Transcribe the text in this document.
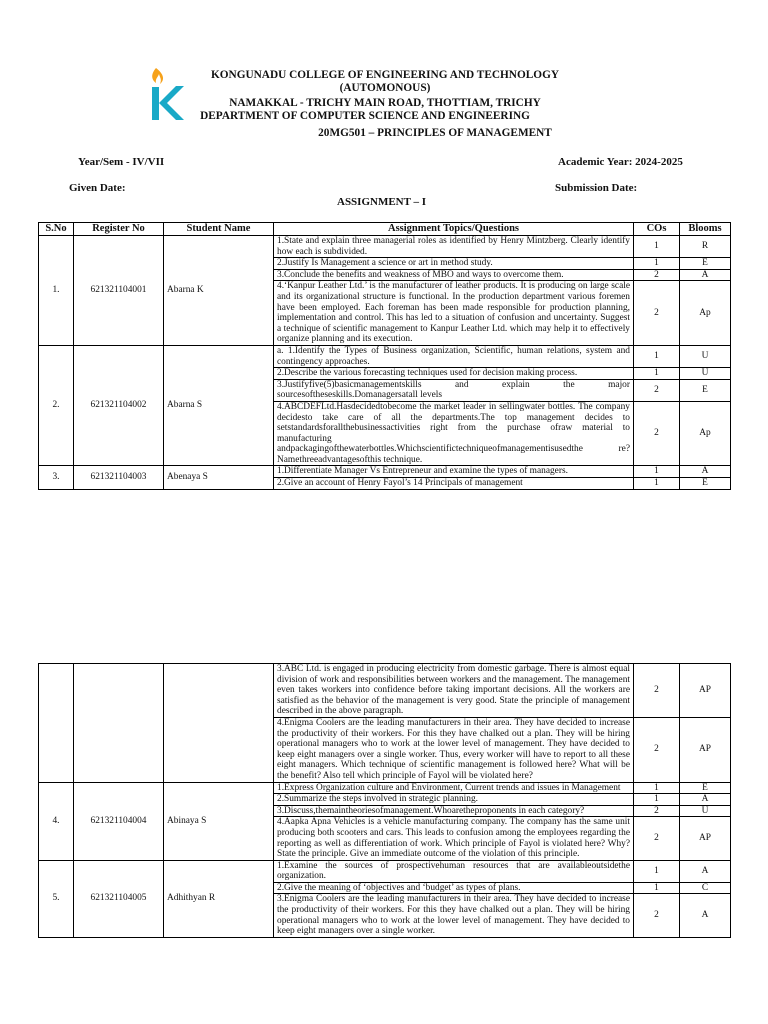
KONGUNADU COLLEGE OF ENGINEERING AND TECHNOLOGY
(AUTOMONOUS)
NAMAKKAL - TRICHY MAIN ROAD, THOTTIAM, TRICHY
DEPARTMENT OF COMPUTER SCIENCE AND ENGINEERING
20MG501 – PRINCIPLES OF MANAGEMENT
Year/Sem - IV/VII	Academic Year: 2024-2025
Given Date:	Submission Date:
ASSIGNMENT – I
S.No	Register No	Student Name	Assignment Topics/Questions	COs	Blooms
1.	621321104001	Abarna K	1.State and explain three managerial roles as identified by Henry Mintzberg. Clearly identify how each is subdivided.	1	R
			2.Justify Is Management a science or art in method study.	1	E
			3.Conclude the benefits and weakness of MBO and ways to overcome them.	2	A
			4.‘Kanpur Leather Ltd.’ is the manufacturer of leather products. It is producing on large scale and its organizational structure is functional. In the production department various foremen have been employed. Each foreman has been made responsible for production planning, implementation and control. This has led to a situation of confusion and uncertainty. Suggest a technique of scientific management to Kanpur Leather Ltd. which may help it to effectively organize planning and its execution.	2	Ap
2.	621321104002	Abarna S	a. 1.Identify the Types of Business organization, Scientific, human relations, system and contingency approaches.	1	U
			2.Describe the various forecasting techniques used for decision making process.	1	U
			3.Justifyfive(5)basicmanagementskills and explain the major sourcesoftheseskills.Domanagersatall levels	2	E
			4.ABCDEFLtd.Hasdecidedtobecome the market leader in sellingwater bottles. The company decidesto take care of all the departments.The top management decides to setstandardsforallthebusinessactivities right from the purchase ofraw material to manufacturing andpackagingofthewaterbottles.Whichscientifictechniqueofmanagementisusedthe re?Namethreeadvantagesofthis technique.	2	Ap
3.	621321104003	Abenaya S	1.Differentiate Manager Vs Entrepreneur and examine the types of managers.	1	A
			2.Give an account of Henry Fayol’s 14 Principals of management	1	E
			3.ABC Ltd. is engaged in producing electricity from domestic garbage. There is almost equal division of work and responsibilities between workers and the management. The management even takes workers into confidence before taking important decisions. All the workers are satisfied as the behavior of the management is very good. State the principle of management described in the above paragraph.	2	AP
			4.Enigma Coolers are the leading manufacturers in their area. They have decided to increase the productivity of their workers. For this they have chalked out a plan. They will be hiring operational managers who to work at the lower level of management. They have decided to keep eight managers over a single worker. Thus, every worker will have to report to all these eight managers. Which technique of scientific management is followed here? What will be the benefit? Also tell which principle of Fayol will be violated here?	2	AP
4.	621321104004	Abinaya S	1.Express Organization culture and Environment, Current trends and issues in Management	1	E
			2.Summarize the steps involved in strategic planning.	1	A
			3.Discuss,themaintheoriesofmanagement.Whoaretheproponents in each category?	2	U
			4.Aapka Apna Vehicles is a vehicle manufacturing company. The company has the same unit producing both scooters and cars. This leads to confusion among the employees regarding the reporting as well as differentiation of work. Which principle of Fayol is violated here? Why? State the principle. Give an immediate outcome of the violation of this principle.	2	AP
5.	621321104005	Adhithyan R	1.Examine the sources of prospectivehuman resources that are availableoutsidethe organization.	1	A
			2.Give the meaning of ‘objectives and ‘budget’ as types of plans.	1	C
			3.Enigma Coolers are the leading manufacturers in their area. They have decided to increase the productivity of their workers. For this they have chalked out a plan. They will be hiring operational managers who to work at the lower level of management. They have decided to keep eight managers over a single worker.	2	A
